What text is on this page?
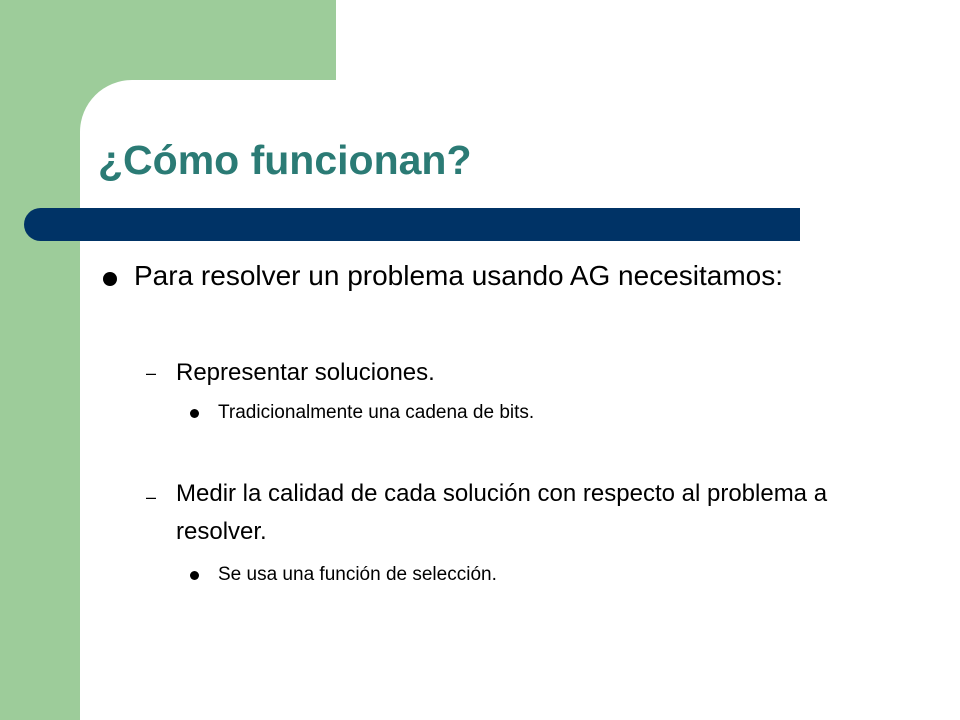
¿Cómo funcionan?
Para resolver un problema usando AG necesitamos:
– Representar soluciones.
Tradicionalmente una cadena de bits.
– Medir la calidad de cada solución con respecto al problema a resolver.
Se usa una función de selección.
